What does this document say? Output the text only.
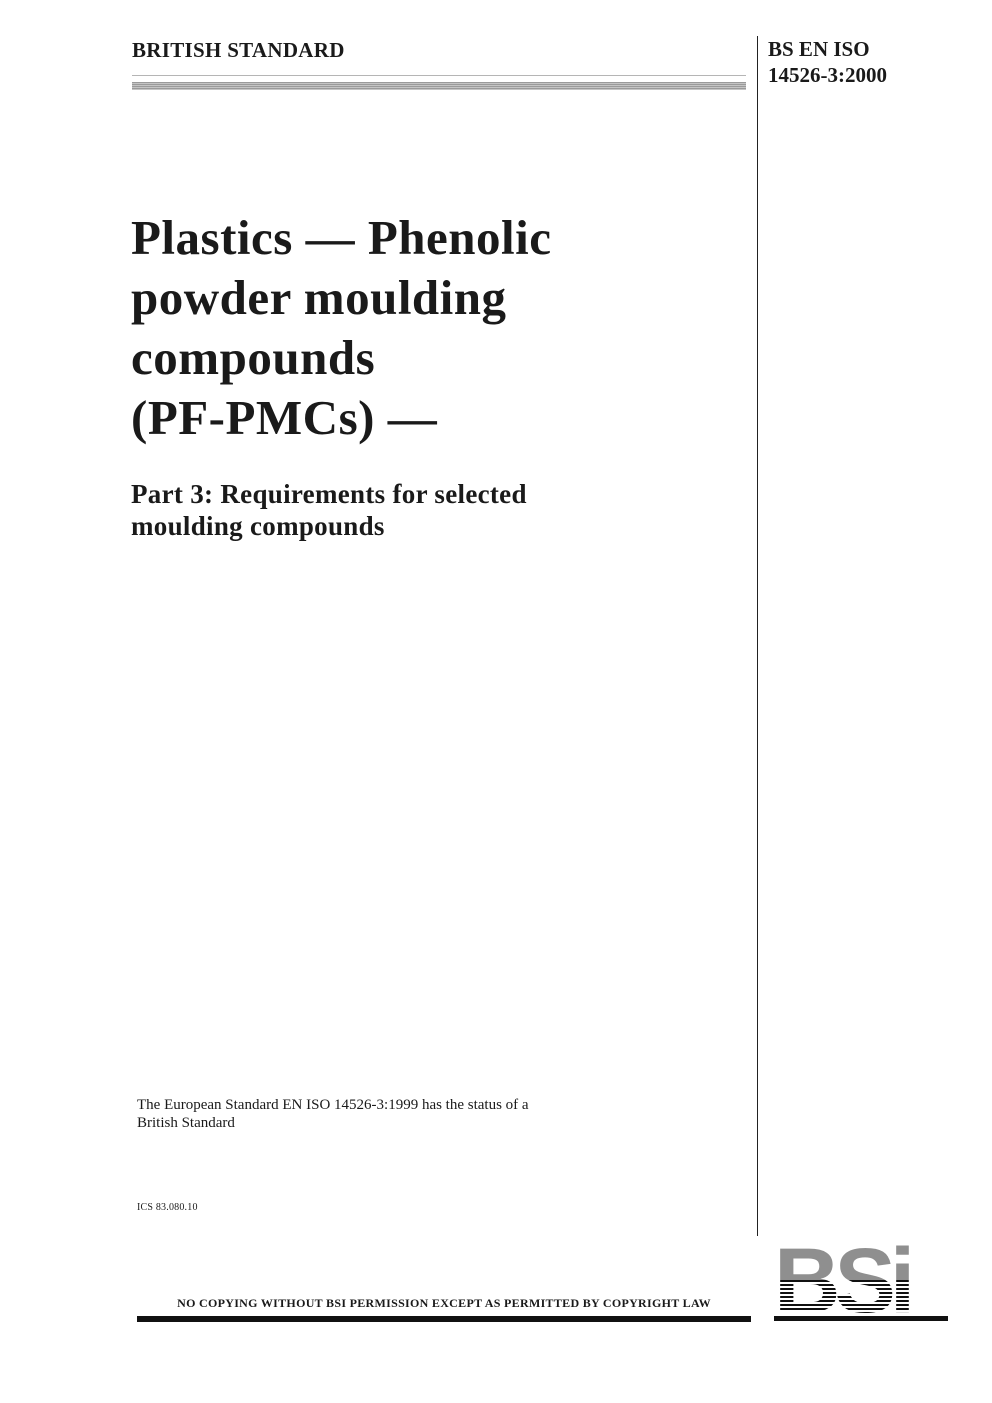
BRITISH STANDARD	BS EN ISO
14526-3:2000
Plastics — Phenolic
powder moulding
compounds
(PF-PMCs) —
Part 3: Requirements for selected
moulding compounds
The European Standard EN ISO 14526-3:1999 has the status of a
British Standard
ICS 83.080.10
NO COPYING WITHOUT BSI PERMISSION EXCEPT AS PERMITTED BY COPYRIGHT LAW
